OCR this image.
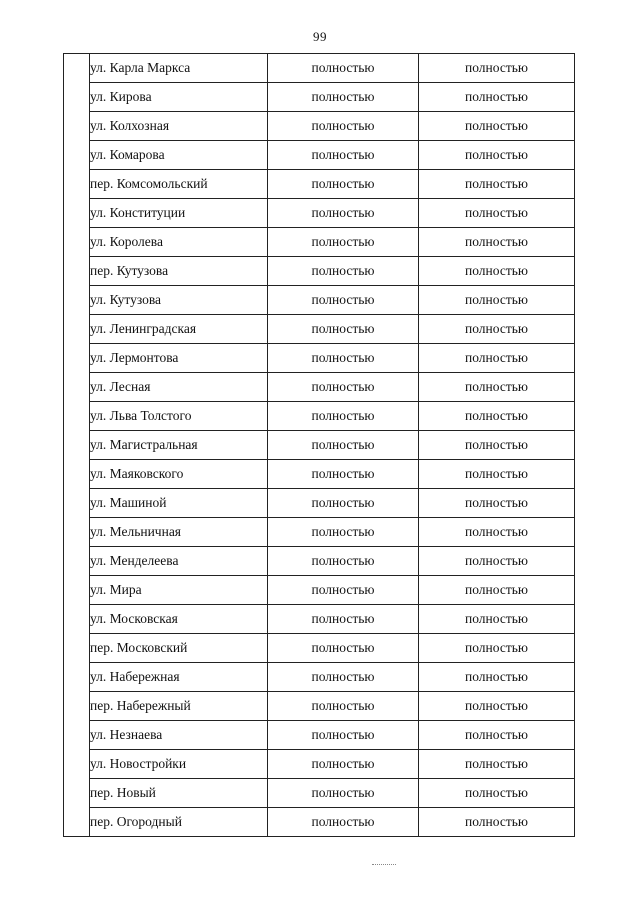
99
	ул. Карла Маркса	полностью	полностью
	ул. Кирова	полностью	полностью
	ул. Колхозная	полностью	полностью
	ул. Комарова	полностью	полностью
	пер. Комсомольский	полностью	полностью
	ул. Конституции	полностью	полностью
	ул. Королева	полностью	полностью
	пер. Кутузова	полностью	полностью
	ул. Кутузова	полностью	полностью
	ул. Ленинградская	полностью	полностью
	ул. Лермонтова	полностью	полностью
	ул. Лесная	полностью	полностью
	ул. Льва Толстого	полностью	полностью
	ул. Магистральная	полностью	полностью
	ул. Маяковского	полностью	полностью
	ул. Машиной	полностью	полностью
	ул. Мельничная	полностью	полностью
	ул. Менделеева	полностью	полностью
	ул. Мира	полностью	полностью
	ул. Московская	полностью	полностью
	пер. Московский	полностью	полностью
	ул. Набережная	полностью	полностью
	пер. Набережный	полностью	полностью
	ул. Незнаева	полностью	полностью
	ул. Новостройки	полностью	полностью
	пер. Новый	полностью	полностью
	пер. Огородный	полностью	полностью
